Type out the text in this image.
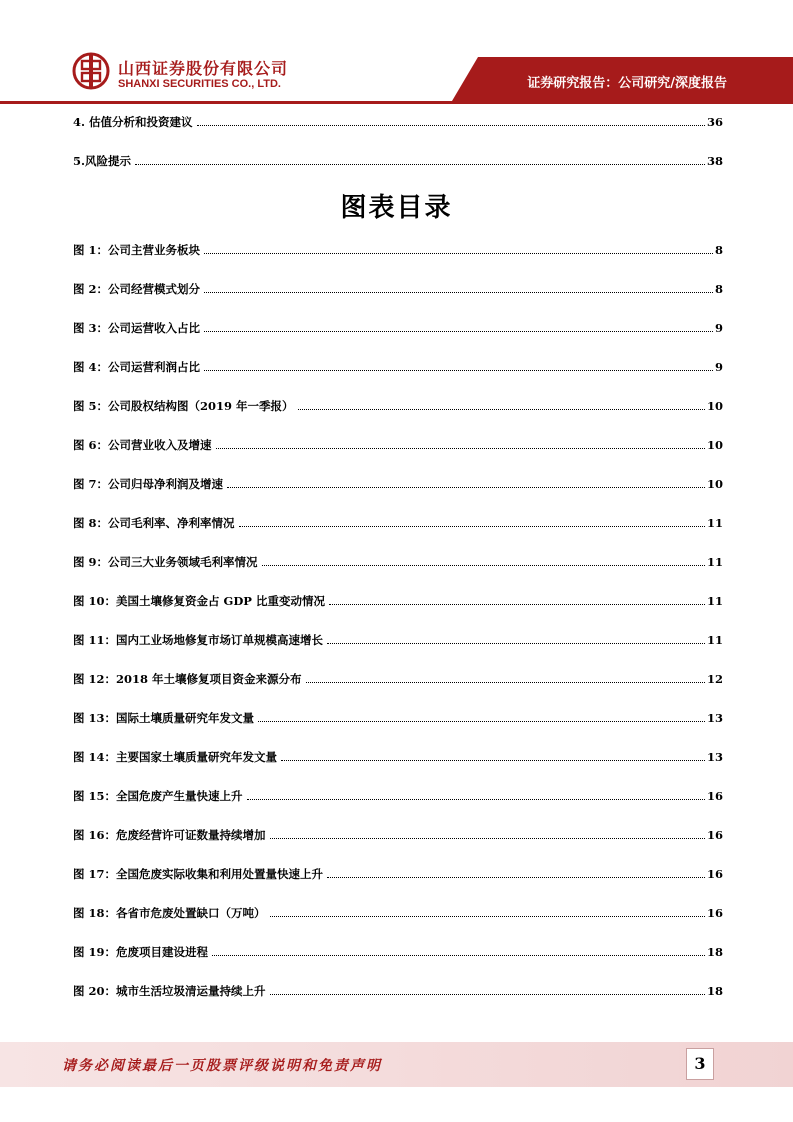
山西证券股份有限公司
SHANXI SECURITIES CO., LTD.	证券研究报告：公司研究/深度报告
4. 估值分析和投资建议	36
5.风险提示	38
图表目录
图 1：公司主营业务板块	8
图 2：公司经营模式划分	8
图 3：公司运营收入占比	9
图 4：公司运营利润占比	9
图 5：公司股权结构图（2019 年一季报）	10
图 6：公司营业收入及增速	10
图 7：公司归母净利润及增速	10
图 8：公司毛利率、净利率情况	11
图 9：公司三大业务领域毛利率情况	11
图 10：美国土壤修复资金占 GDP 比重变动情况	11
图 11：国内工业场地修复市场订单规模高速增长	11
图 12：2018 年土壤修复项目资金来源分布	12
图 13：国际土壤质量研究年发文量	13
图 14：主要国家土壤质量研究年发文量	13
图 15：全国危废产生量快速上升	16
图 16：危废经营许可证数量持续增加	16
图 17：全国危废实际收集和利用处置量快速上升	16
图 18：各省市危废处置缺口（万吨）	16
图 19：危废项目建设进程	18
图 20：城市生活垃圾清运量持续上升	18
请务必阅读最后一页股票评级说明和免责声明	3
